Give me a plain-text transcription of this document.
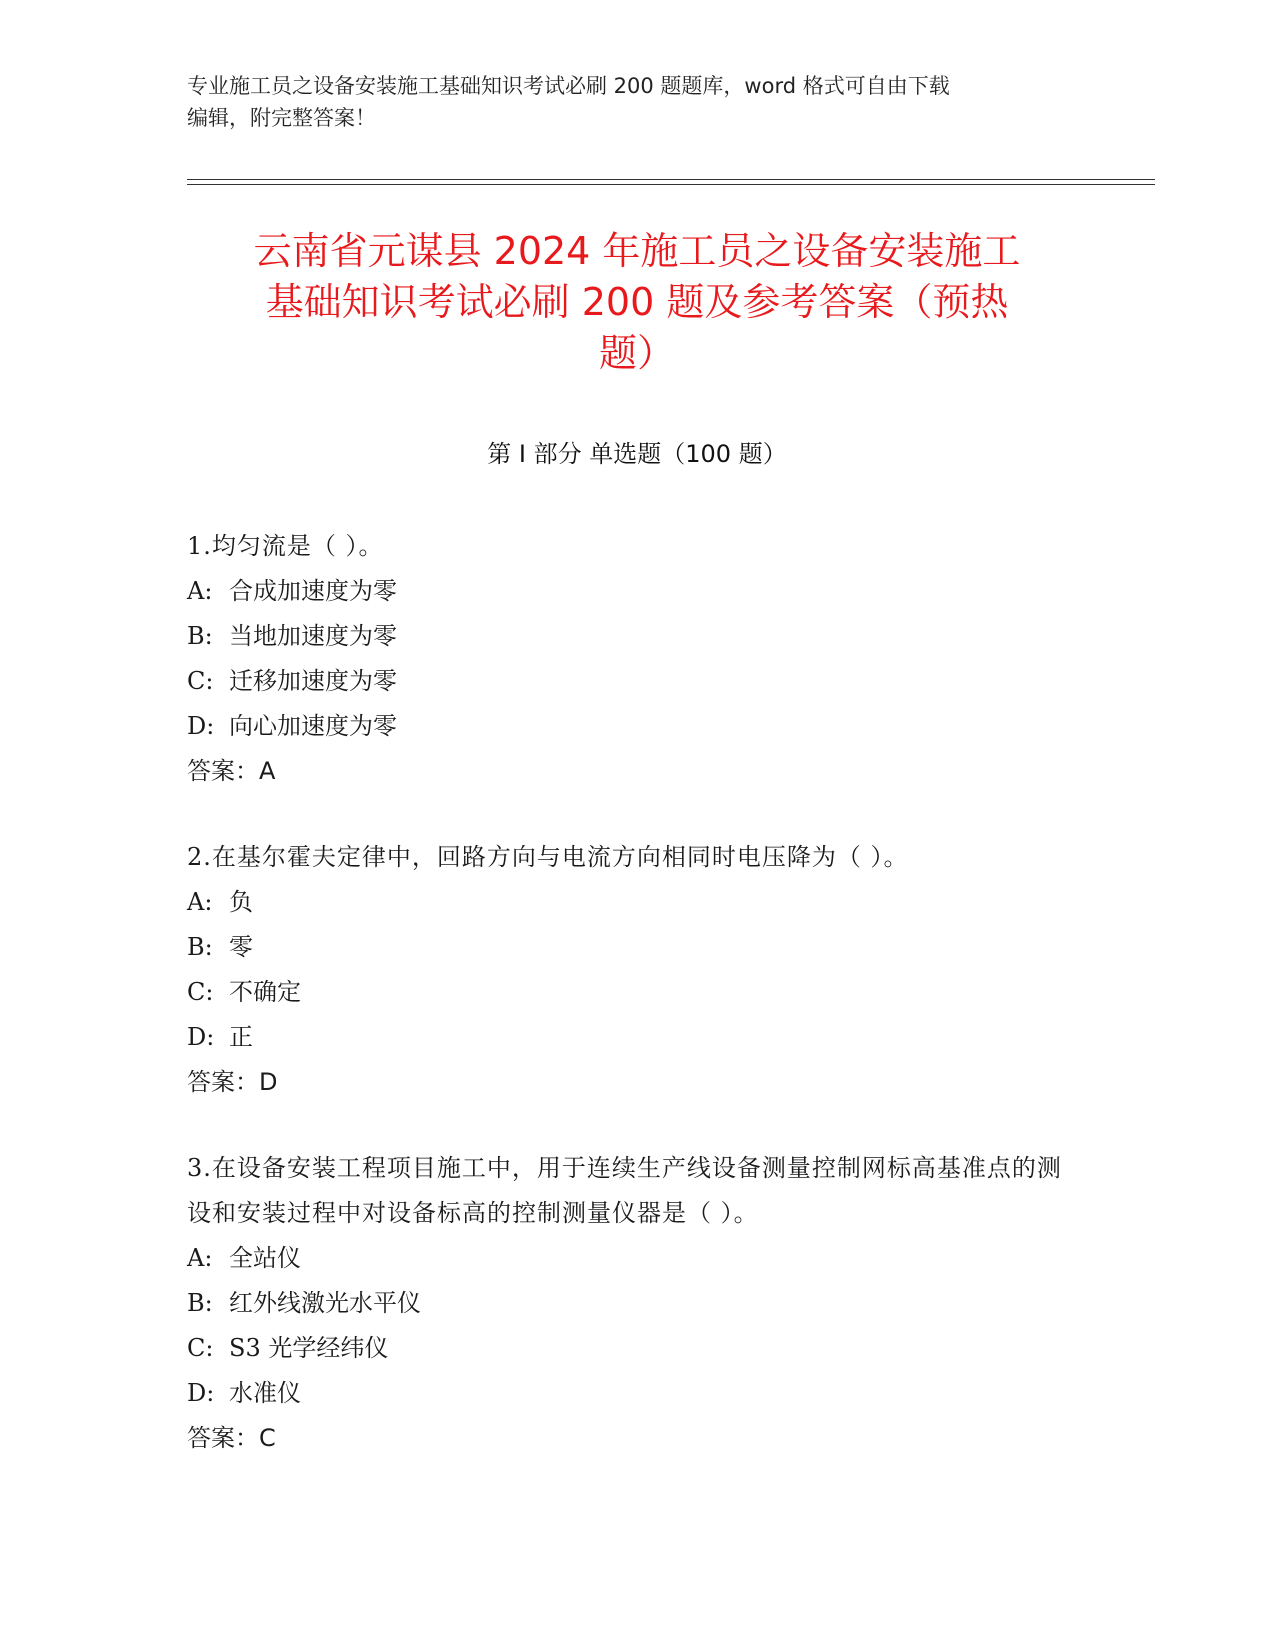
专业施工员之设备安装施工基础知识考试必刷 200 题题库，word 格式可自由下载
编辑，附完整答案！
云南省元谋县 2024 年施工员之设备安装施工
基础知识考试必刷 200 题及参考答案（预热
题）
第 I 部分 单选题（100 题）
1.均匀流是（ ）。
A: 合成加速度为零
B: 当地加速度为零
C: 迁移加速度为零
D: 向心加速度为零
答案：A
2.在基尔霍夫定律中，回路方向与电流方向相同时电压降为（ ）。
A: 负
B: 零
C: 不确定
D: 正
答案：D
3.在设备安装工程项目施工中，用于连续生产线设备测量控制网标高基准点的测设和安装过程中对设备标高的控制测量仪器是（ ）。
A: 全站仪
B: 红外线激光水平仪
C: S3 光学经纬仪
D: 水准仪
答案：C
